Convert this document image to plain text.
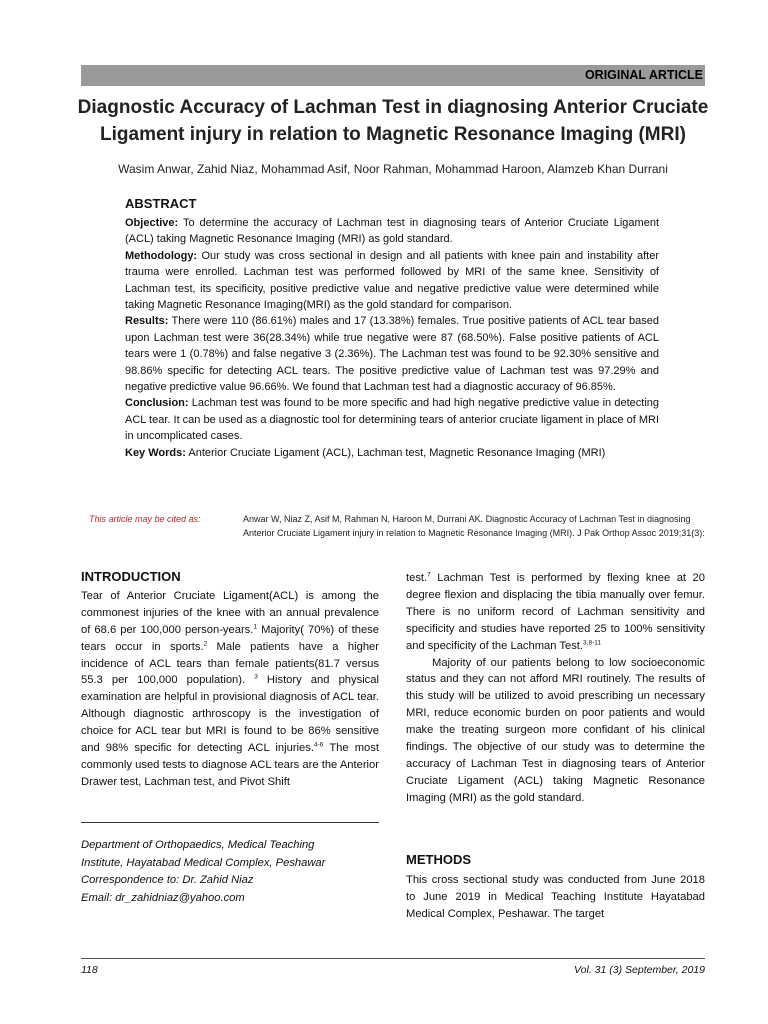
ORIGINAL ARTICLE
Diagnostic Accuracy of Lachman Test in diagnosing Anterior Cruciate
Ligament injury in relation to Magnetic Resonance Imaging (MRI)
Wasim Anwar, Zahid Niaz, Mohammad Asif, Noor Rahman, Mohammad Haroon, Alamzeb Khan Durrani
ABSTRACT

Objective: To determine the accuracy of Lachman test in diagnosing tears of Anterior Cruciate Ligament (ACL) taking Magnetic Resonance Imaging (MRI) as gold standard.

Methodology: Our study was cross sectional in design and all patients with knee pain and instability after trauma were enrolled. Lachman test was performed followed by MRI of the same knee. Sensitivity of Lachman test, its specificity, positive predictive value and negative predictive value were determined while taking Magnetic Resonance Imaging(MRI) as the gold standard for comparison.

Results: There were 110 (86.61%) males and 17 (13.38%) females. True positive patients of ACL tear based upon Lachman test were 36(28.34%) while true negative were 87 (68.50%). False positive patients of ACL tears were 1 (0.78%) and false negative 3 (2.36%). The Lachman test was found to be 92.30% sensitive and 98.86% specific for detecting ACL tears. The positive predictive value of Lachman test was 97.29% and negative predictive value 96.66%. We found that Lachman test had a diagnostic accuracy of 96.85%.

Conclusion: Lachman test was found to be more specific and had high negative predictive value in detecting ACL tear. It can be used as a diagnostic tool for determining tears of anterior cruciate ligament in place of MRI in uncomplicated cases.

Key Words: Anterior Cruciate Ligament (ACL), Lachman test, Magnetic Resonance Imaging (MRI)

This article may be cited as:	Anwar W, Niaz Z, Asif M, Rahman N, Haroon M, Durrani AK. Diagnostic Accuracy of Lachman Test in diagnosing Anterior Cruciate Ligament injury in relation to Magnetic Resonance Imaging (MRI). J Pak Orthop Assoc 2019;31(3):
INTRODUCTION

Tear of Anterior Cruciate Ligament(ACL) is among the commonest injuries of the knee with an annual prevalence of 68.6 per 100,000 person-years.$^1$ Majority( 70%) of these tears occur in sports.$^2$ Male patients have a higher incidence of ACL tears than female patients(81.7 versus 55.3 per 100,000 population). $^3$ History and physical examination are helpful in provisional diagnosis of ACL tear. Although diagnostic arthroscopy is the investigation of choice for ACL tear but MRI is found to be 86% sensitive and 98% specific for detecting ACL injuries.$^{4-6}$ The most commonly used tests to diagnose ACL tears are the Anterior Drawer test, Lachman test, and Pivot Shift

Department of Orthopaedics, Medical Teaching
Institute, Hayatabad Medical Complex, Peshawar
Correspondence to: Dr. Zahid Niaz
Email: dr_zahidniaz@yahoo.com

test.$^7$ Lachman Test is performed by flexing knee at 20 degree flexion and displacing the tibia manually over femur. There is no uniform record of Lachman sensitivity and specificity and studies have reported 25 to 100% sensitivity and specificity of the Lachman Test.$^{3,8-11}$

Majority of our patients belong to low socioeconomic status and they can not afford MRI routinely. The results of this study will be utilized to avoid prescribing un necessary MRI, reduce economic burden on poor patients and would make the treating surgeon more confidant of his clinical findings. The objective of our study was to determine the accuracy of Lachman Test in diagnosing tears of Anterior Cruciate Ligament (ACL) taking Magnetic Resonance Imaging (MRI) as the gold standard.

METHODS

This cross sectional study was conducted from June 2018 to June 2019 in Medical Teaching Institute Hayatabad Medical Complex, Peshawar. The target

118	Vol. 31 (3) September, 2019
